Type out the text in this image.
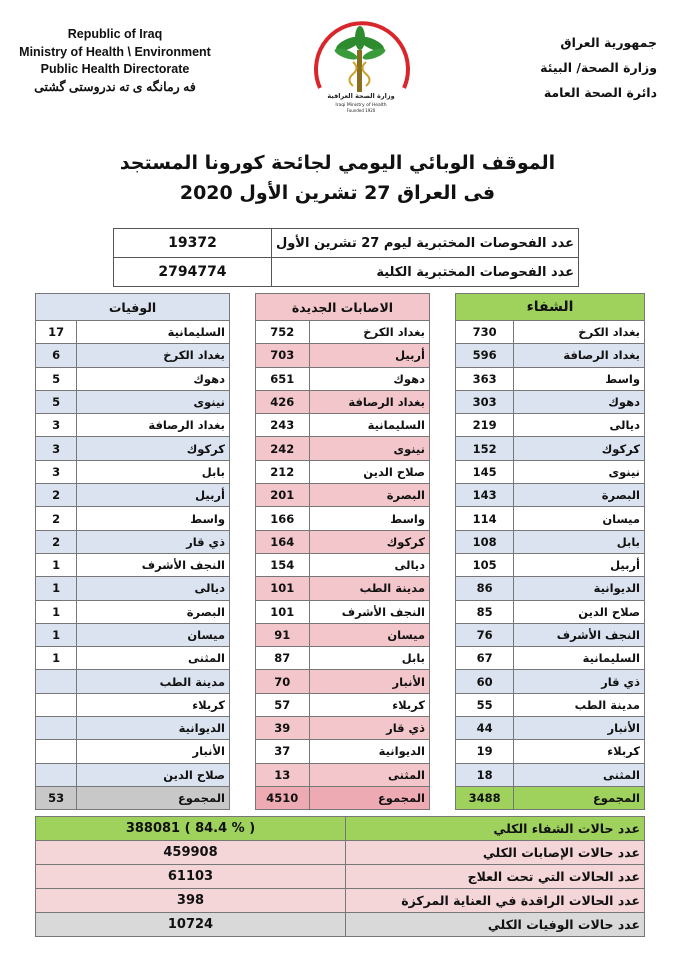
Republic of Iraq
Ministry of Health \ Environment
Public Health Directorate
فه رمانگه ى ته ندروستى گشتى
وزارة الصحة العراقية
Iraqi Ministry of Health
Founded 1920
جمهورية العراق
وزارة الصحة/ البيئة
دائرة الصحة العامة
الموقف الوبائي اليومي لجائحة كورونا المستجد
فى العراق 27 تشرين الأول 2020
19372	عدد الفحوصات المختبرية ليوم 27 تشرين الأول
2794774	عدد الفحوصات المختبرية الكلية
الوفيات	
17	السليمانية
6	بغداد الكرخ
5	دهوك
5	نينوى
3	بغداد الرصافة
3	كركوك
3	بابل
2	أربيل
2	واسط
2	ذي قار
1	النجف الأشرف
1	ديالى
1	البصرة
1	ميسان
1	المثنى
	مدينة الطب
	كربلاء
	الديوانية
	الأنبار
	صلاح الدين
53	المجموع
الاصابات الجديدة	
752	بغداد الكرخ
703	أربيل
651	دهوك
426	بغداد الرصافة
243	السليمانية
242	نينوى
212	صلاح الدين
201	البصرة
166	واسط
164	كركوك
154	ديالى
101	مدينة الطب
101	النجف الأشرف
91	ميسان
87	بابل
70	الأنبار
57	كربلاء
39	ذي قار
37	الديوانية
13	المثنى
4510	المجموع
الشفاء	
730	بغداد الكرخ
596	بغداد الرصافة
363	واسط
303	دهوك
219	ديالى
152	كركوك
145	نينوى
143	البصرة
114	ميسان
108	بابل
105	أربيل
86	الديوانية
85	صلاح الدين
76	النجف الأشرف
67	السليمانية
60	ذي قار
55	مدينة الطب
44	الأنبار
19	كربلاء
18	المثنى
3488	المجموع
388081 ( 84.4 % )	عدد حالات الشفاء الكلي
459908	عدد حالات الإصابات الكلي
61103	عدد الحالات التي تحت العلاج
398	عدد الحالات الراقدة في العناية المركزة
10724	عدد حالات الوفيات الكلي
